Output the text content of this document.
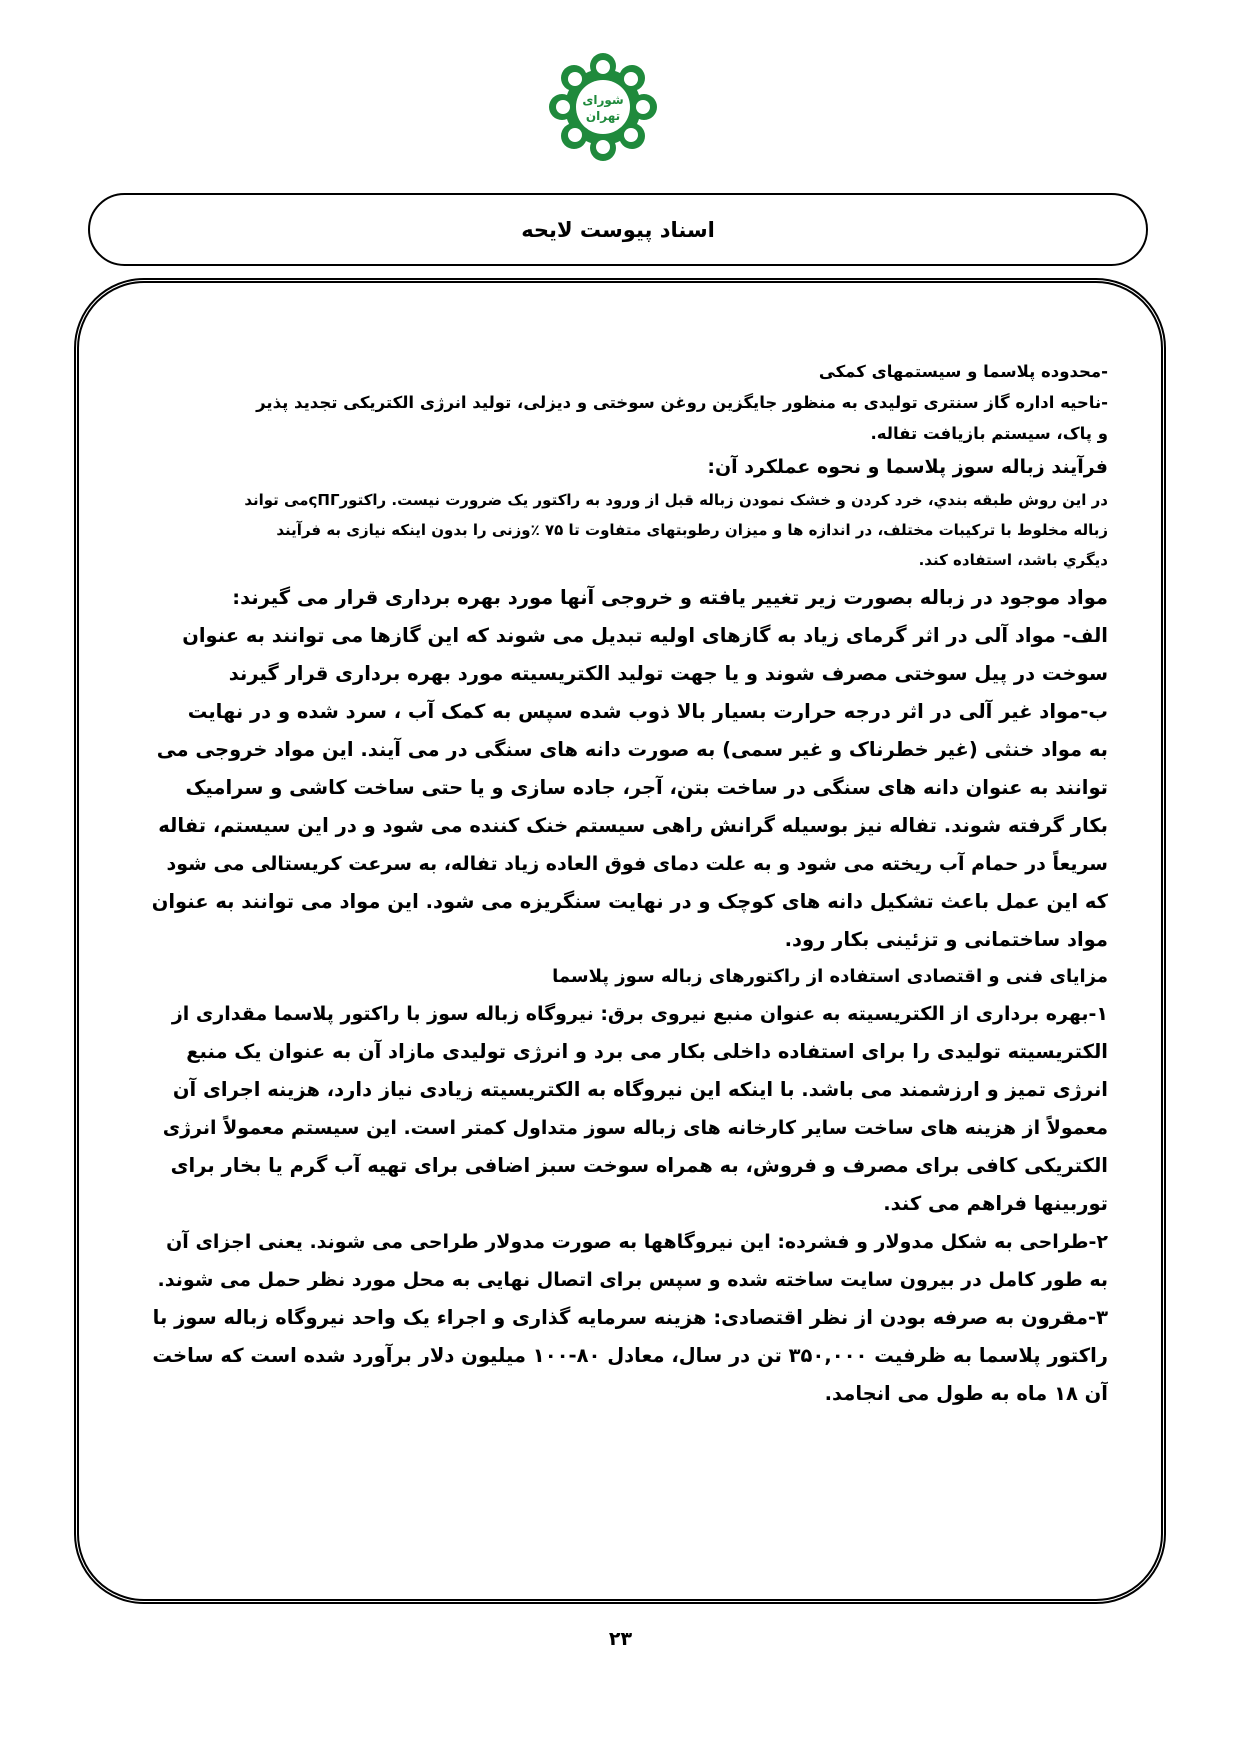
شورای
تهران
اسناد پیوست لایحه
-محدوده پلاسما و سیستمهای کمکی
-ناحیه اداره گاز سنتری تولیدی به منظور جایگزین روغن سوختی و دیزلی، تولید انرژی الکتریکی تجدید پذیر
و پاک، سیستم بازیافت تفاله.
فرآیند زباله سوز پلاسما و نحوه عملکرد آن:
در این روش طبقه بندي، خرد کردن و خشک نمودن زباله قبل از ورود به راکتور یک ضرورت نیست. راکتورςΠΓمی تواند
زباله مخلوط با ترکیبات مختلف، در اندازه ها و میزان رطوبتهای متفاوت تا ۷۵ ٪وزنی را بدون اینکه نیازی به فرآیند
دیگري باشد، استفاده کند.
مواد موجود در زباله بصورت زیر تغییر یافته و خروجی آنها مورد بهره برداری قرار می گیرند:
الف- مواد آلی در اثر گرمای زیاد به گازهای اولیه تبدیل می شوند که این گازها می توانند به عنوان
سوخت در پیل سوختی مصرف شوند و یا جهت تولید الکتریسیته مورد بهره برداری قرار گیرند
ب-مواد غیر آلی در اثر درجه حرارت بسیار بالا ذوب شده سپس به کمک آب ، سرد شده و در نهایت
به مواد خنثی (غیر خطرناک و غیر سمی) به صورت دانه های سنگی در می آیند. این مواد خروجی می
توانند به عنوان دانه های سنگی در ساخت بتن، آجر، جاده سازی و یا حتی ساخت کاشی و سرامیک
بکار گرفته شوند. تفاله نیز بوسیله گرانش راهی سیستم خنک کننده می شود و در این سیستم، تفاله
سریعاً در حمام آب ریخته می شود و به علت دمای فوق العاده زیاد تفاله، به سرعت کریستالی می شود
که این عمل باعث تشکیل دانه های کوچک و در نهایت سنگریزه می شود. این مواد می توانند به عنوان
مواد ساختمانی و تزئینی بکار رود.
مزایای فنی و اقتصادی استفاده از راکتورهای زباله سوز پلاسما
۱-بهره برداری از الکتریسیته به عنوان منبع نیروی برق: نیروگاه زباله سوز با راکتور پلاسما مقداری از
الکتریسیته تولیدی را برای استفاده داخلی بکار می برد و انرژی تولیدی مازاد آن به عنوان یک منبع
انرژی تمیز و ارزشمند می باشد. با اینکه این نیروگاه به الکتریسیته زیادی نیاز دارد، هزینه اجرای آن
معمولاً از هزینه های ساخت سایر کارخانه های زباله سوز متداول کمتر است. این سیستم معمولاً انرژی
الکتریکی کافی برای مصرف و فروش، به همراه سوخت سبز اضافی برای تهیه آب گرم یا بخار برای
توربینها فراهم می کند.
۲-طراحی به شکل مدولار و فشرده: این نیروگاهها به صورت مدولار طراحی می شوند. یعنی اجزای آن
به طور کامل در بیرون سایت ساخته شده و سپس برای اتصال نهایی به محل مورد نظر حمل می شوند.
۳-مقرون به صرفه بودن از نظر اقتصادی: هزینه سرمایه گذاری و اجراء یک واحد نیروگاه زباله سوز با
راکتور پلاسما به ظرفیت ۳۵۰,۰۰۰ تن در سال، معادل ۸۰-۱۰۰ میلیون دلار برآورد شده است که ساخت
آن ۱۸ ماه به طول می انجامد.
۲۳
